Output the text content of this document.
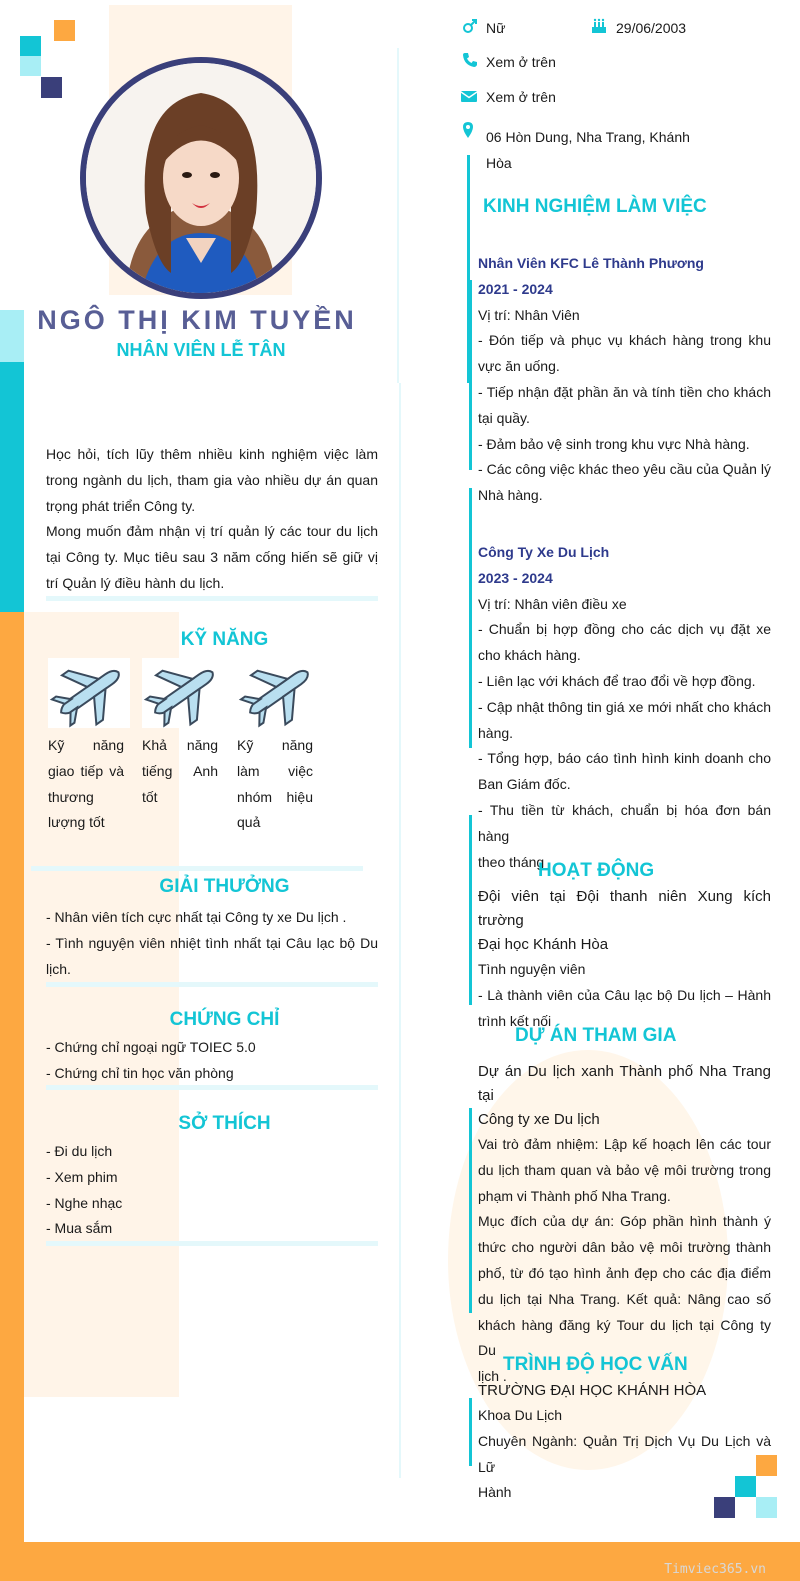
NGÔ THỊ KIM TUYỀN
NHÂN VIÊN LỄ TÂN
Học hỏi, tích lũy thêm nhiều kinh nghiệm việc làm trong ngành du lịch, tham gia vào nhiều dự án quan trọng phát triển Công ty.
Mong muốn đảm nhận vị trí quản lý các tour du lịch tại Công ty. Mục tiêu sau 3 năm cống hiến sẽ giữ vị trí Quản lý điều hành du lịch.
KỸ NĂNG
Kỹ năng
giao tiếp và
thương
lượng tốt
Khả năng
tiếng Anh
tốt
Kỹ năng
làm việc
nhóm hiệu
quả
GIẢI THƯỞNG
- Nhân viên tích cực nhất tại Công ty xe Du lịch .
- Tình nguyện viên nhiệt tình nhất tại Câu lạc bộ Du
lịch.
CHỨNG CHỈ
- Chứng chỉ ngoại ngữ TOIEC 5.0
- Chứng chỉ tin học văn phòng
SỞ THÍCH
- Đi du lịch
- Xem phim
- Nghe nhạc
- Mua sắm
Nữ	29/06/2003
Xem ở trên
Xem ở trên
06 Hòn Dung, Nha Trang, Khánh
Hòa
KINH NGHIỆM LÀM VIỆC
Nhân Viên KFC Lê Thành Phương
2021 - 2024
Vị trí: Nhân Viên
- Đón tiếp và phục vụ khách hàng trong khu
vực ăn uống.
- Tiếp nhận đặt phần ăn và tính tiền cho khách
tại quầy.
- Đảm bảo vệ sinh trong khu vực Nhà hàng.
- Các công việc khác theo yêu cầu của Quản lý
Nhà hàng.
Công Ty Xe Du Lịch
2023 - 2024
Vị trí: Nhân viên điều xe
- Chuẩn bị hợp đồng cho các dịch vụ đặt xe
cho khách hàng.
- Liên lạc với khách để trao đổi về hợp đồng.
- Cập nhật thông tin giá xe mới nhất cho khách
hàng.
- Tổng hợp, báo cáo tình hình kinh doanh cho
Ban Giám đốc.
- Thu tiền từ khách, chuẩn bị hóa đơn bán hàng
theo tháng
HOẠT ĐỘNG
Đội viên tại Đội thanh niên Xung kích trường
Đại học Khánh Hòa
Tình nguyện viên
- Là thành viên của Câu lạc bộ Du lịch – Hành
trình kết nối
DỰ ÁN THAM GIA
Dự án Du lịch xanh Thành phố Nha Trang tại
Công ty xe Du lịch
Vai trò đảm nhiệm: Lập kế hoạch lên các tour
du lịch tham quan và bảo vệ môi trường trong
phạm vi Thành phố Nha Trang.
Mục đích của dự án: Góp phần hình thành ý
thức cho người dân bảo vệ môi trường thành
phố, từ đó tạo hình ảnh đẹp cho các địa điểm
du lịch tại Nha Trang. Kết quả: Nâng cao số
khách hàng đăng ký Tour du lịch tại Công ty Du
lịch .
TRÌNH ĐỘ HỌC VẤN
TRƯỜNG ĐẠI HỌC KHÁNH HÒA
Khoa Du Lịch
Chuyên Ngành: Quản Trị Dịch Vụ Du Lịch và Lữ
Hành
Timviec365.vn
